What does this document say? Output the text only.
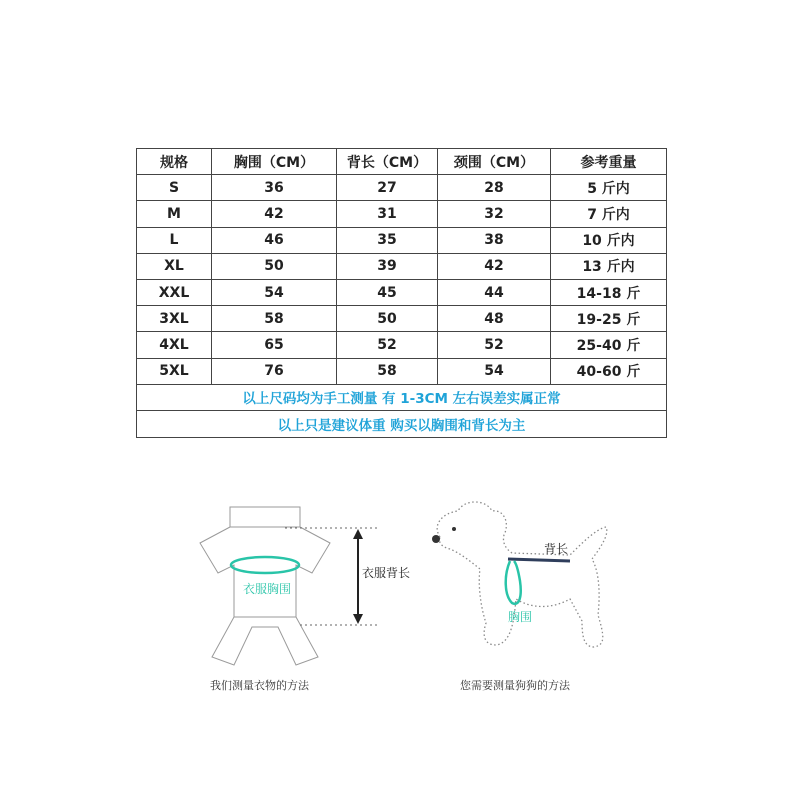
规格	胸围（CM）	背长（CM）	颈围（CM）	参考重量
S	36	27	28	5 斤内
M	42	31	32	7 斤内
L	46	35	38	10 斤内
XL	50	39	42	13 斤内
XXL	54	45	44	14-18 斤
3XL	58	50	48	19-25 斤
4XL	65	52	52	25-40 斤
5XL	76	58	54	40-60 斤
以上尺码均为手工测量 有 1-3CM 左右误差实属正常				
以上只是建议体重 购买以胸围和背长为主				
衣服胸围
衣服背长
我们测量衣物的方法
背长
胸围
您需要测量狗狗的方法
